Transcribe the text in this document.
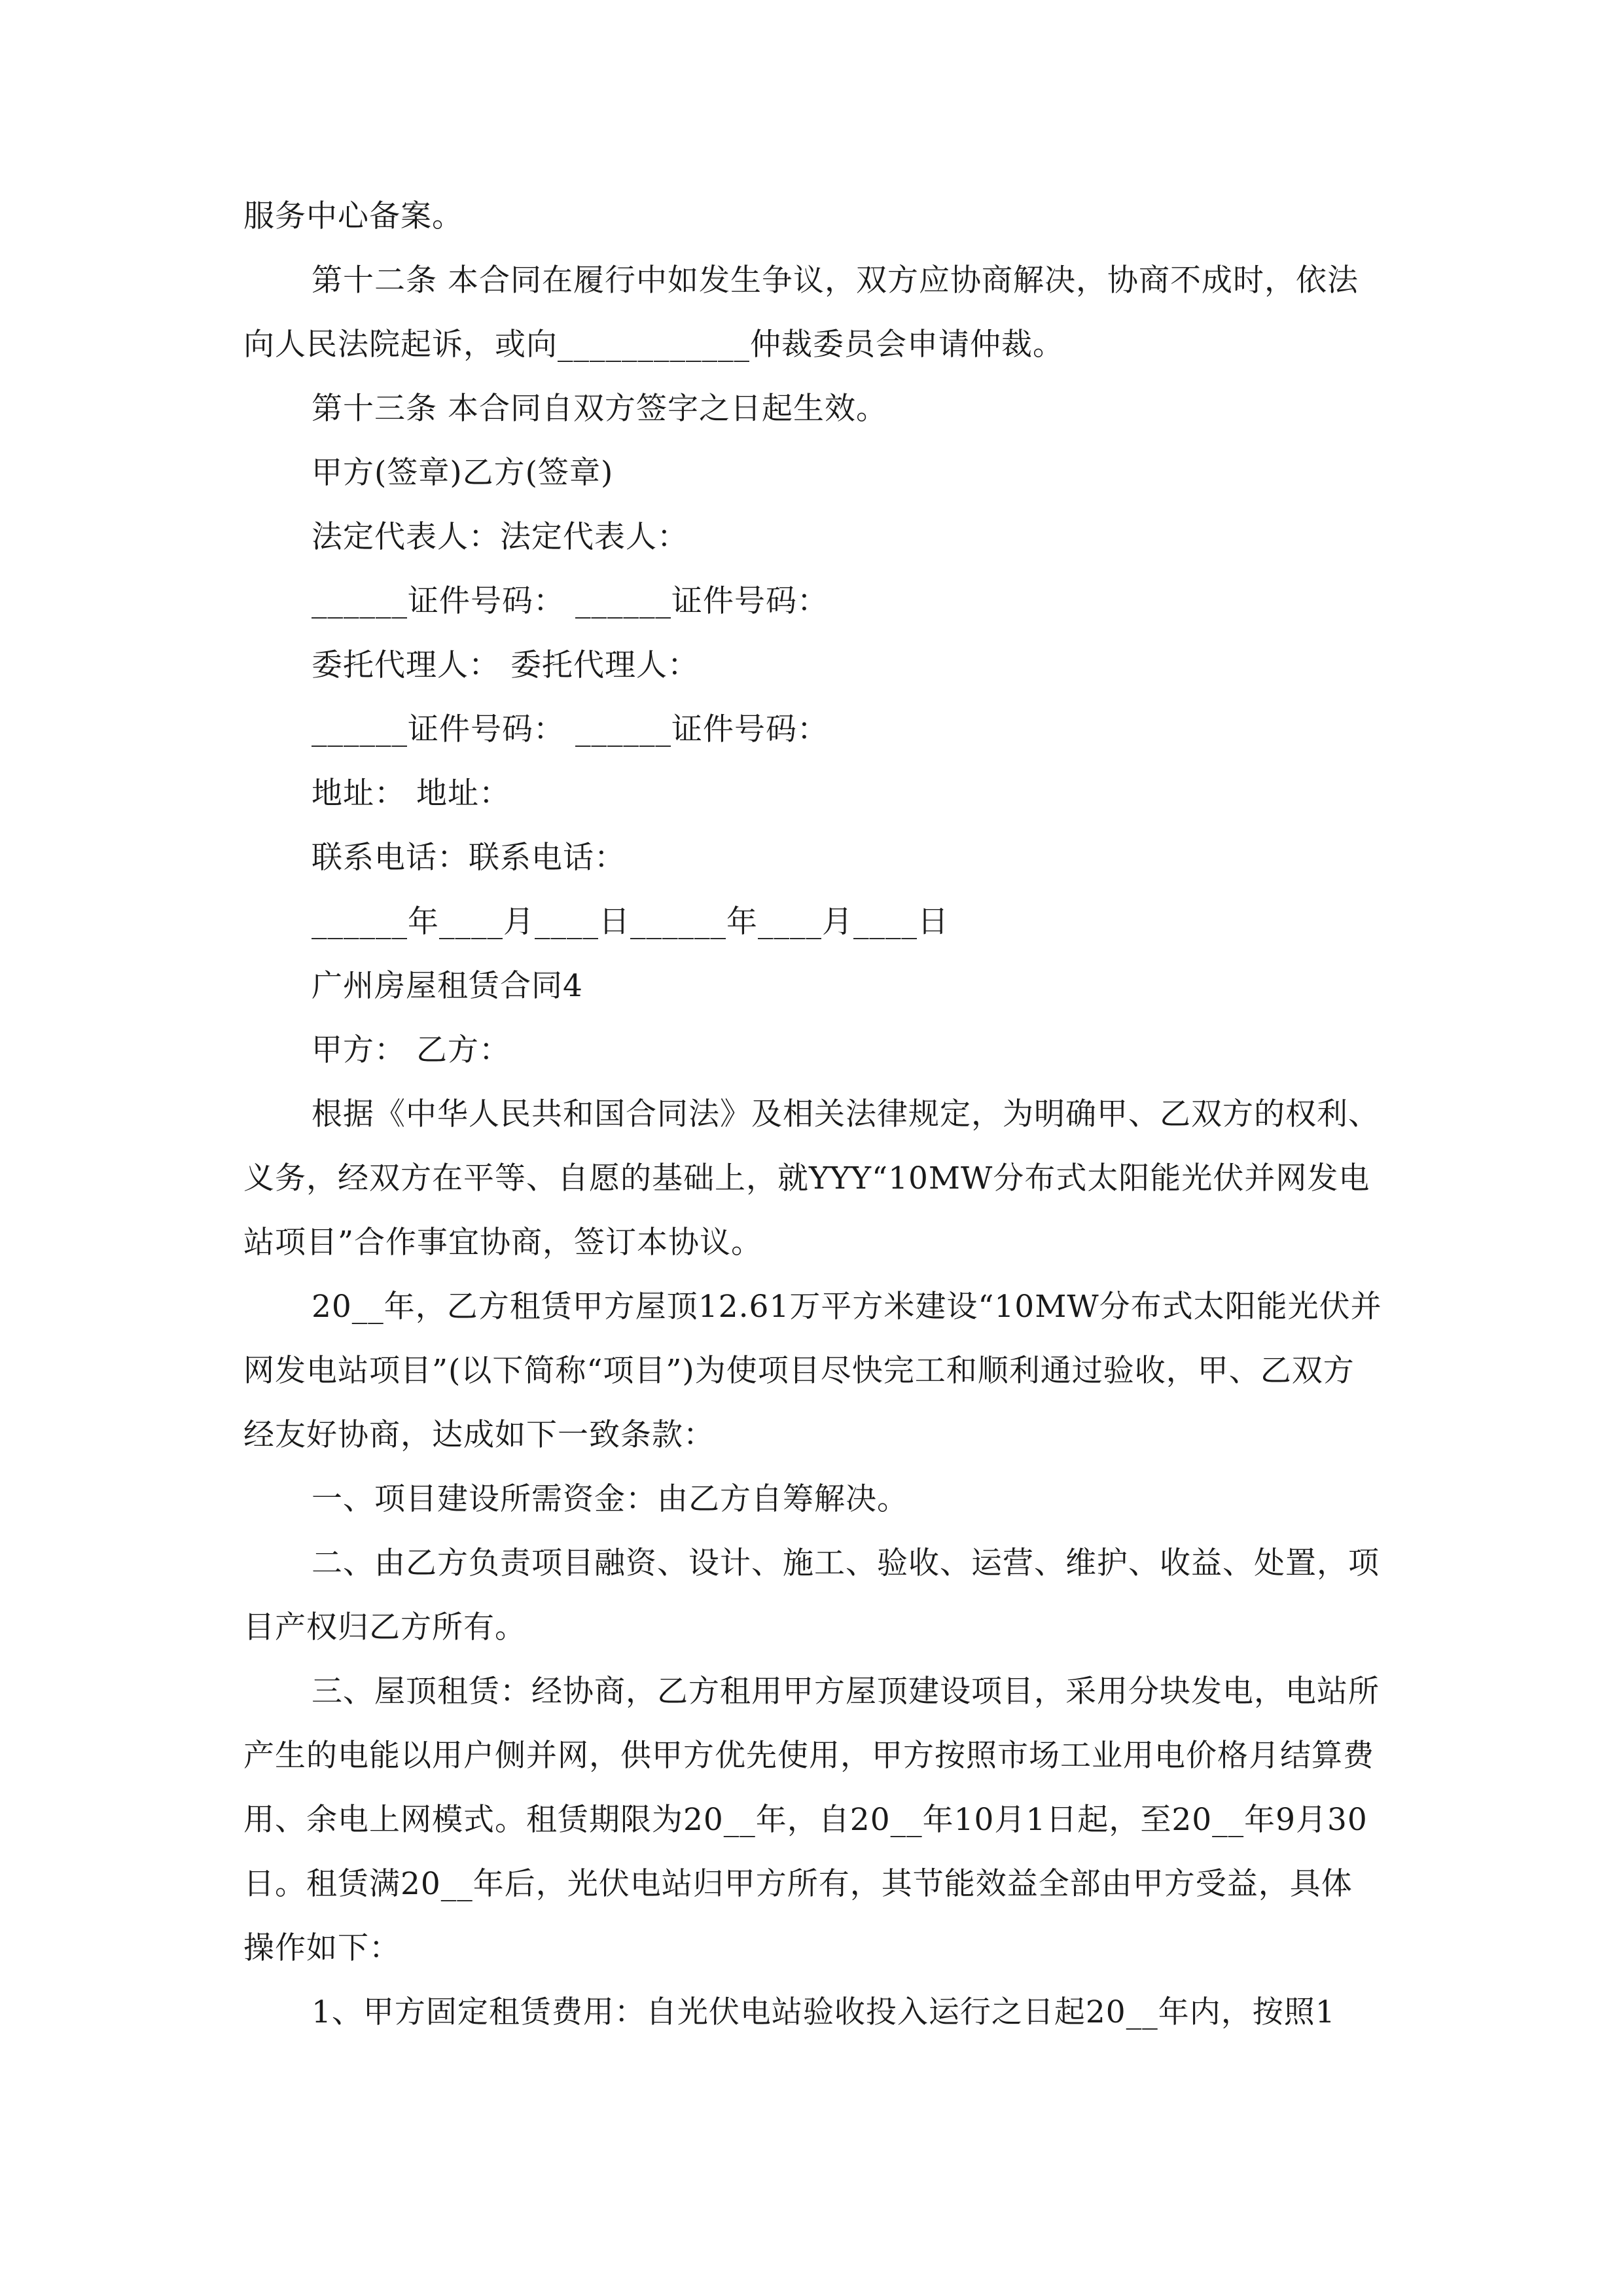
服务中心备案。

第十二条 本合同在履行中如发生争议，双方应协商解决，协商不成时，依法向人民法院起诉，或向____________仲裁委员会申请仲裁。

第十三条 本合同自双方签字之日起生效。

甲方(签章)乙方(签章)

法定代表人：法定代表人：

______证件号码： ______证件号码：

委托代理人： 委托代理人：

______证件号码： ______证件号码：

地址： 地址：

联系电话：联系电话：

______年____月____日______年____月____日

广州房屋租赁合同4

甲方： 乙方：

根据《中华人民共和国合同法》及相关法律规定，为明确甲、乙双方的权利、义务，经双方在平等、自愿的基础上，就YYY“10MW分布式太阳能光伏并网发电站项目”合作事宜协商，签订本协议。

20__年，乙方租赁甲方屋顶12.61万平方米建设“10MW分布式太阳能光伏并网发电站项目”(以下简称“项目”)为使项目尽快完工和顺利通过验收，甲、乙双方经友好协商，达成如下一致条款：

一、项目建设所需资金：由乙方自筹解决。

二、由乙方负责项目融资、设计、施工、验收、运营、维护、收益、处置，项目产权归乙方所有。

三、屋顶租赁：经协商，乙方租用甲方屋顶建设项目，采用分块发电，电站所产生的电能以用户侧并网，供甲方优先使用，甲方按照市场工业用电价格月结算费用、余电上网模式。租赁期限为20__年，自20__年10月1日起，至20__年9月30日。租赁满20__年后，光伏电站归甲方所有，其节能效益全部由甲方受益，具体操作如下：

1、甲方固定租赁费用：自光伏电站验收投入运行之日起20__年内，按照1
